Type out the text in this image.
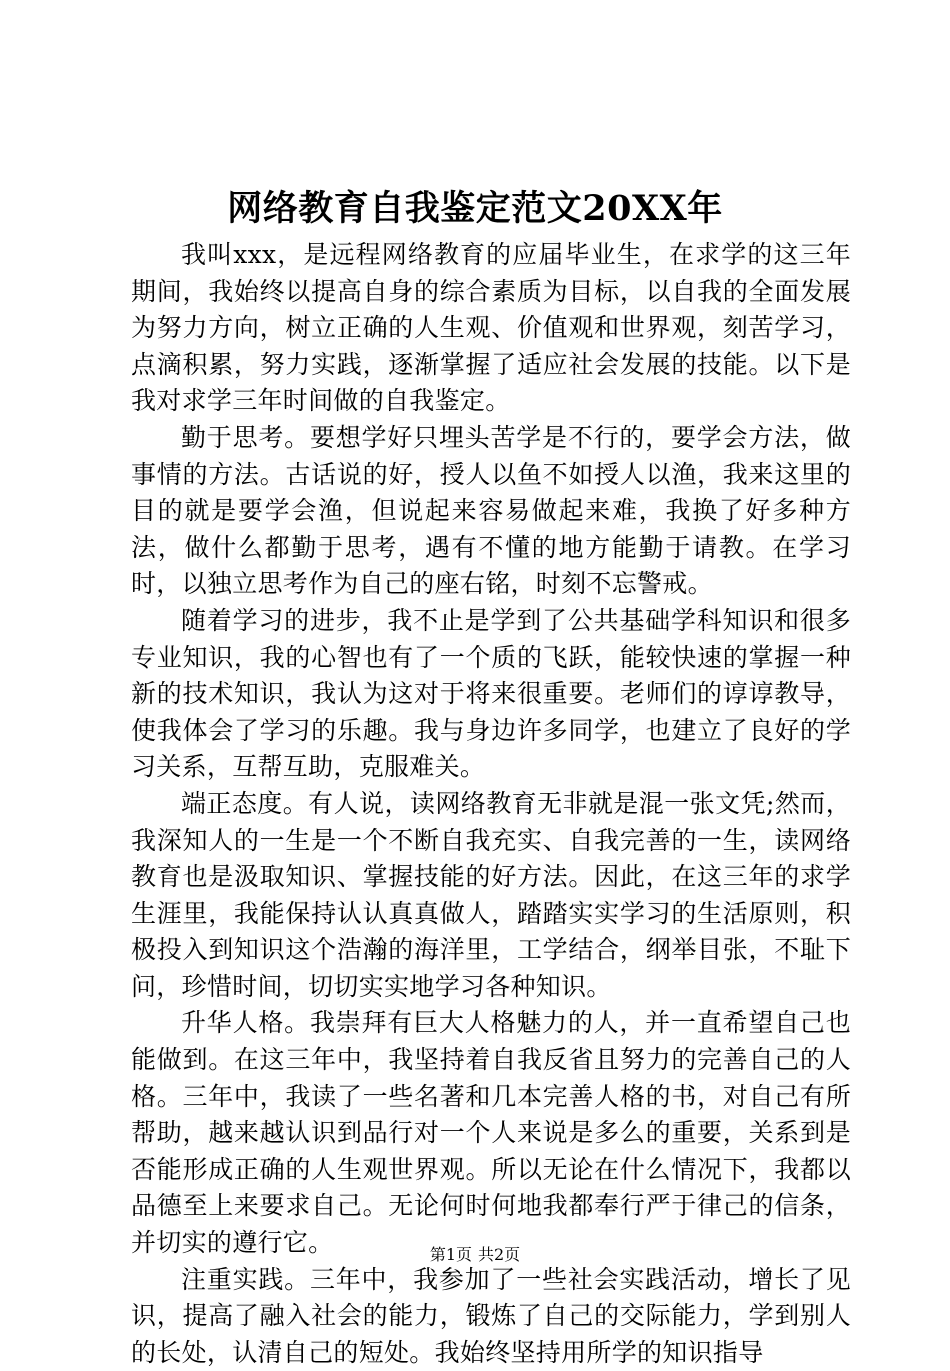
网络教育自我鉴定范文20XX年

我叫xxx，是远程网络教育的应届毕业生，在求学的这三年期间，我始终以提高自身的综合素质为目标，以自我的全面发展为努力方向，树立正确的人生观、价值观和世界观，刻苦学习，点滴积累，努力实践，逐渐掌握了适应社会发展的技能。以下是我对求学三年时间做的自我鉴定。

勤于思考。要想学好只埋头苦学是不行的，要学会方法，做事情的方法。古话说的好，授人以鱼不如授人以渔，我来这里的目的就是要学会渔，但说起来容易做起来难，我换了好多种方法，做什么都勤于思考，遇有不懂的地方能勤于请教。在学习时，以独立思考作为自己的座右铭，时刻不忘警戒。

随着学习的进步，我不止是学到了公共基础学科知识和很多专业知识，我的心智也有了一个质的飞跃，能较快速的掌握一种新的技术知识，我认为这对于将来很重要。老师们的谆谆教导，使我体会了学习的乐趣。我与身边许多同学，也建立了良好的学习关系，互帮互助，克服难关。

端正态度。有人说，读网络教育无非就是混一张文凭;然而，我深知人的一生是一个不断自我充实、自我完善的一生，读网络教育也是汲取知识、掌握技能的好方法。因此，在这三年的求学生涯里，我能保持认认真真做人，踏踏实实学习的生活原则，积极投入到知识这个浩瀚的海洋里，工学结合，纲举目张，不耻下问，珍惜时间，切切实实地学习各种知识。

升华人格。我崇拜有巨大人格魅力的人，并一直希望自己也能做到。在这三年中，我坚持着自我反省且努力的完善自己的人格。三年中，我读了一些名著和几本完善人格的书，对自己有所帮助，越来越认识到品行对一个人来说是多么的重要，关系到是否能形成正确的人生观世界观。所以无论在什么情况下，我都以品德至上来要求自己。无论何时何地我都奉行严于律己的信条，并切实的遵行它。

注重实践。三年中，我参加了一些社会实践活动，增长了见识，提高了融入社会的能力，锻炼了自己的交际能力，学到别人的长处，认清自己的短处。我始终坚持用所学的知识指导

第1页 共2页
